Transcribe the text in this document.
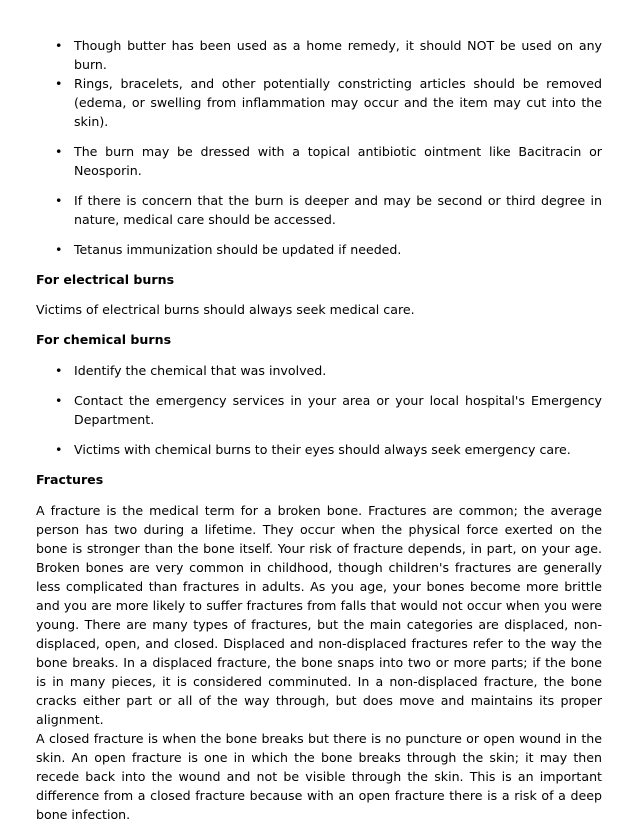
• Though butter has been used as a home remedy, it should NOT be used on any burn.
• Rings, bracelets, and other potentially constricting articles should be removed (edema, or swelling from inflammation may occur and the item may cut into the skin).
• The burn may be dressed with a topical antibiotic ointment like Bacitracin or Neosporin.
• If there is concern that the burn is deeper and may be second or third degree in nature, medical care should be accessed.
• Tetanus immunization should be updated if needed.

For electrical burns

Victims of electrical burns should always seek medical care.

For chemical burns

• Identify the chemical that was involved.
• Contact the emergency services in your area or your local hospital's Emergency Department.
• Victims with chemical burns to their eyes should always seek emergency care.

Fractures

A fracture is the medical term for a broken bone. Fractures are common; the average person has two during a lifetime. They occur when the physical force exerted on the bone is stronger than the bone itself. Your risk of fracture depends, in part, on your age. Broken bones are very common in childhood, though children's fractures are generally less complicated than fractures in adults. As you age, your bones become more brittle and you are more likely to suffer fractures from falls that would not occur when you were young. There are many types of fractures, but the main categories are displaced, non-displaced, open, and closed. Displaced and non-displaced fractures refer to the way the bone breaks. In a displaced fracture, the bone snaps into two or more parts; if the bone is in many pieces, it is considered comminuted. In a non-displaced fracture, the bone cracks either part or all of the way through, but does move and maintains its proper alignment.

A closed fracture is when the bone breaks but there is no puncture or open wound in the skin. An open fracture is one in which the bone breaks through the skin; it may then recede back into the wound and not be visible through the skin. This is an important difference from a closed fracture because with an open fracture there is a risk of a deep bone infection.
